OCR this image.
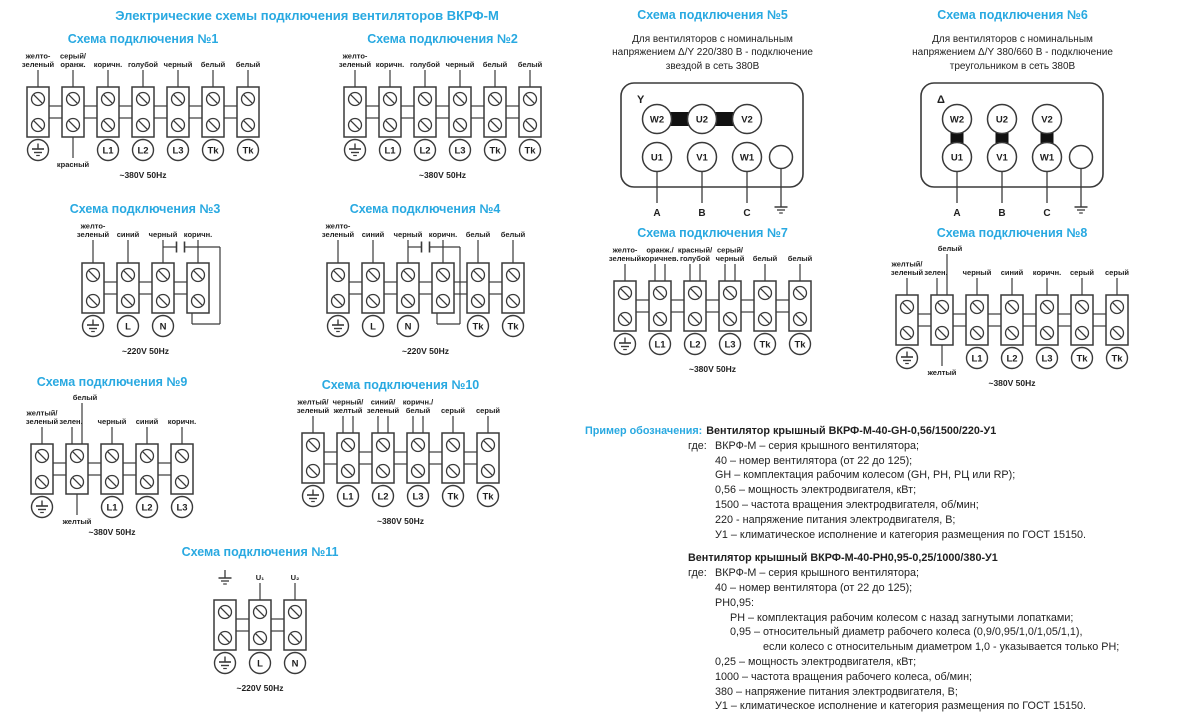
Электрические схемы подключения вентиляторов ВКРФ-М
Схема подключения №1
желто-
зеленый
серый/
оранж.
красный
коричн.
L1
голубой
L2
черный
L3
белый
Tk
белый
Tk
~380V 50Hz
Схема подключения №2
желто-
зеленый коричн.
L1
голубой
L2
черный
L3
белый
Tk
белый
Tk
~380V 50Hz
Схема подключения №5
Для вентиляторов с номинальным напряжением Δ/Y 220/380 В - подключение звездой в сеть 380В
Y
W2	U2	V2
U1	V1	W1
A	B	C
Схема подключения №6
Для вентиляторов с номинальным напряжением Δ/Y 380/660 В - подключение треугольником в сеть 380В
Δ
W2	U2	V2
U1	V1	W1
A	B	C
Схема подключения №3
желто-
зеленый синий
L
черный
N
коричн.
~220V 50Hz
Схема подключения №4
желто-
зеленый синий
L
черный
N
коричн. белый
Tk
белый
Tk
~220V 50Hz
Схема подключения №7
желто-
зеленый
оранж./
коричнев.
L1
красный/
голубой
L2
серый/
черный
L3
белый
Tk
белый
Tk
~380V 50Hz
Схема подключения №8
желтый/
зеленый зелен.
белый
желтый
черный
L1
синий
L2
коричн.
L3
серый
Tk
серый
Tk
~380V 50Hz
Схема подключения №9
желтый/
зеленый зелен.
белый
желтый
черный
L1
синий
L2
коричн.
L3
~380V 50Hz
Схема подключения №10
желтый/
зеленый
черный/
желтый
L1
синий/
зеленый
L2
коричн./
белый
L3
серый
Tk
серый
Tk
~380V 50Hz
Схема подключения №11
U₁
L
U₂
N
~220V 50Hz
Пример обозначения: Вентилятор крышный ВКРФ-М-40-GH-0,56/1500/220-У1
где: ВКРФ-М – серия крышного вентилятора;
40 – номер вентилятора (от 22 до 125);
GH – комплектация рабочим колесом (GH, PH, РЦ или RP);
0,56 – мощность электродвигателя, кВт;
1500 – частота вращения электродвигателя, об/мин;
220 - напряжение питания электродвигателя, В;
У1 – климатическое исполнение и категория размещения по ГОСТ 15150.
Вентилятор крышный ВКРФ-М-40-РН0,95-0,25/1000/380-У1
где: ВКРФ-М – серия крышного вентилятора;
40 – номер вентилятора (от 22 до 125);
РН0,95:
РН – комплектация рабочим колесом с назад загнутыми лопатками;
0,95 – относительный диаметр рабочего колеса (0,9/0,95/1,0/1,05/1,1),
если колесо с относительным диаметром 1,0 - указывается только РН;
0,25 – мощность электродвигателя, кВт;
1000 – частота вращения рабочего колеса, об/мин;
380 – напряжение питания электродвигателя, В;
У1 – климатическое исполнение и категория размещения по ГОСТ 15150.
